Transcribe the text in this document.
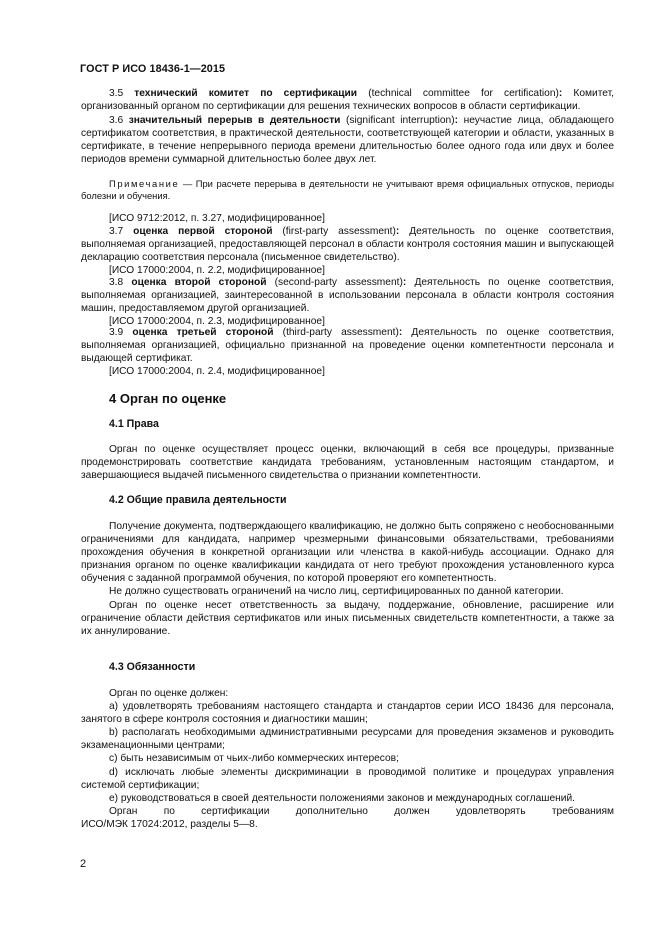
ГОСТ Р ИСО 18436-1—2015

3.5 технический комитет по сертификации (technical committee for certification): Комитет, организованный органом по сертификации для решения технических вопросов в области сертификации.

3.6 значительный перерыв в деятельности (significant interruption): неучастие лица, обладающего сертификатом соответствия, в практической деятельности, соответствующей категории и области, указанных в сертификате, в течение непрерывного периода времени длительностью более одного года или двух и более периодов времени суммарной длительностью более двух лет.

Примечание — При расчете перерыва в деятельности не учитывают время официальных отпусков, периоды болезни и обучения.

[ИСО 9712:2012, п. 3.27, модифицированное]

3.7 оценка первой стороной (first-party assessment): Деятельность по оценке соответствия, выполняемая организацией, предоставляющей персонал в области контроля состояния машин и выпускающей декларацию соответствия персонала (письменное свидетельство).

[ИСО 17000:2004, п. 2.2, модифицированное]

3.8 оценка второй стороной (second-party assessment): Деятельность по оценке соответствия, выполняемая организацией, заинтересованной в использовании персонала в области контроля состояния машин, предоставляемом другой организацией.

[ИСО 17000:2004, п. 2.3, модифицированное]

3.9 оценка третьей стороной (third-party assessment): Деятельность по оценке соответствия, выполняемая организацией, официально признанной на проведение оценки компетентности персонала и выдающей сертификат.

[ИСО 17000:2004, п. 2.4, модифицированное]

4 Орган по оценке
4.1 Права

Орган по оценке осуществляет процесс оценки, включающий в себя все процедуры, призванные продемонстрировать соответствие кандидата требованиям, установленным настоящим стандартом, и завершающиеся выдачей письменного свидетельства о признании компетентности.

4.2 Общие правила деятельности

Получение документа, подтверждающего квалификацию, не должно быть сопряжено с необоснованными ограничениями для кандидата, например чрезмерными финансовыми обязательствами, требованиями прохождения обучения в конкретной организации или членства в какой-нибудь ассоциации. Однако для признания органом по оценке квалификации кандидата от него требуют прохождения установленного курса обучения с заданной программой обучения, по которой проверяют его компетентность.

Не должно существовать ограничений на число лиц, сертифицированных по данной категории.

Орган по оценке несет ответственность за выдачу, поддержание, обновление, расширение или ограничение области действия сертификатов или иных письменных свидетельств компетентности, а также за их аннулирование.

4.3 Обязанности

Орган по оценке должен:

a) удовлетворять требованиям настоящего стандарта и стандартов серии ИСО 18436 для персонала, занятого в сфере контроля состояния и диагностики машин;

b) располагать необходимыми административными ресурсами для проведения экзаменов и руководить экзаменационными центрами;

c) быть независимым от чьих-либо коммерческих интересов;

d) исключать любые элементы дискриминации в проводимой политике и процедурах управления системой сертификации;

e) руководствоваться в своей деятельности положениями законов и международных соглашений.

Орган по сертификации дополнительно должен удовлетворять требованиям

ИСО/МЭК 17024:2012, разделы 5—8.

2
